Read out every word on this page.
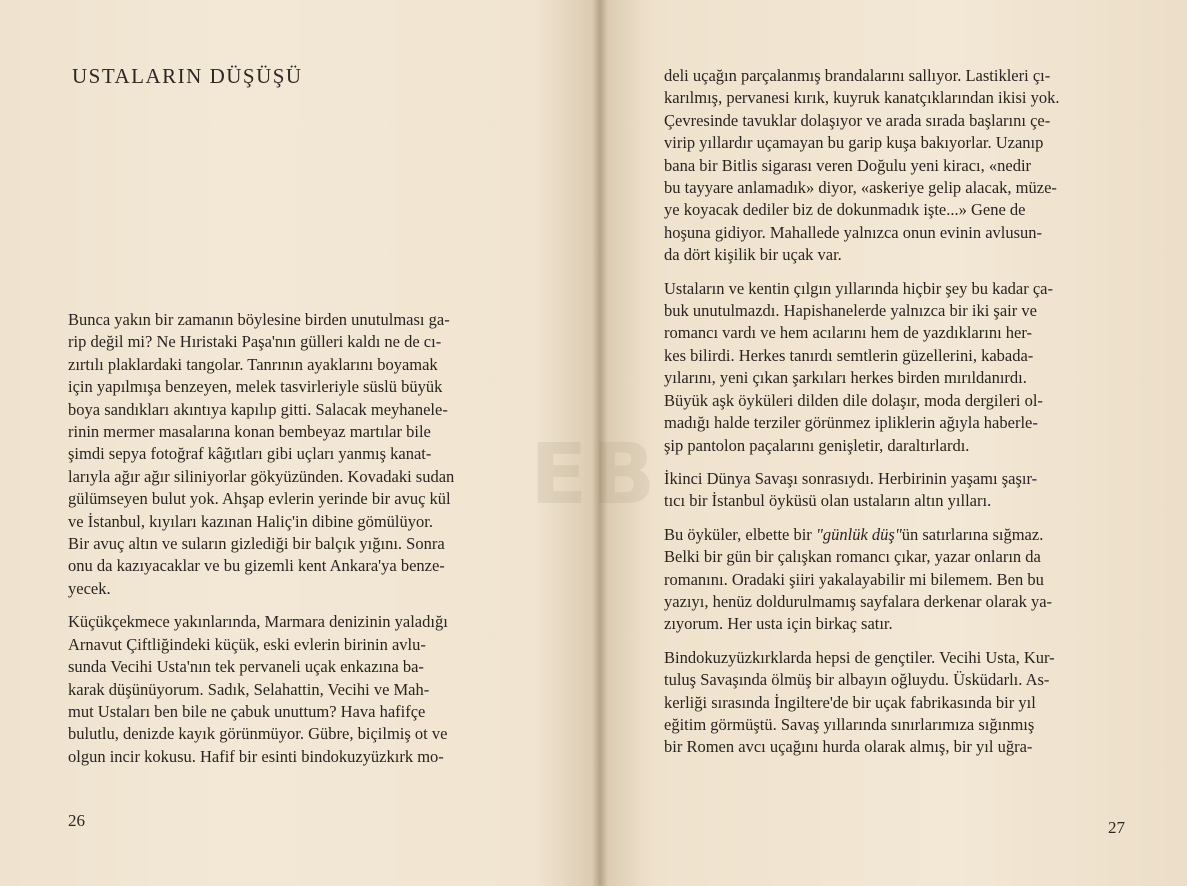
USTALARIN DÜŞÜŞÜ

Bunca yakın bir zamanın böylesine birden unutulması ga-
rip değil mi? Ne Hıristaki Paşa'nın gülleri kaldı ne de cı-
zırtılı plaklardaki tangolar. Tanrının ayaklarını boyamak
için yapılmışa benzeyen, melek tasvirleriyle süslü büyük
boya sandıkları akıntıya kapılıp gitti. Salacak meyhanele-
rinin mermer masalarına konan bembeyaz martılar bile
şimdi sepya fotoğraf kâğıtları gibi uçları yanmış kanat-
larıyla ağır ağır siliniyorlar gökyüzünden. Kovadaki sudan
gülümseyen bulut yok. Ahşap evlerin yerinde bir avuç kül
ve İstanbul, kıyıları kazınan Haliç'in dibine gömülüyor.
Bir avuç altın ve suların gizlediği bir balçık yığını. Sonra
onu da kazıyacaklar ve bu gizemli kent Ankara'ya benze-
yecek.

Küçükçekmece yakınlarında, Marmara denizinin yaladığı
Arnavut Çiftliğindeki küçük, eski evlerin birinin avlu-
sunda Vecihi Usta'nın tek pervaneli uçak enkazına ba-
karak düşünüyorum. Sadık, Selahattin, Vecihi ve Mah-
mut Ustaları ben bile ne çabuk unuttum? Hava hafifçe
bulutlu, denizde kayık görünmüyor. Gübre, biçilmiş ot ve
olgun incir kokusu. Hafif bir esinti bindokuzyüzkırk mo-

26

deli uçağın parçalanmış brandalarını sallıyor. Lastikleri çı-
karılmış, pervanesi kırık, kuyruk kanatçıklarından ikisi yok.
Çevresinde tavuklar dolaşıyor ve arada sırada başlarını çe-
virip yıllardır uçamayan bu garip kuşa bakıyorlar. Uzanıp
bana bir Bitlis sigarası veren Doğulu yeni kiracı, «nedir
bu tayyare anlamadık» diyor, «askeriye gelip alacak, müze-
ye koyacak dediler biz de dokunmadık işte...» Gene de
hoşuna gidiyor. Mahallede yalnızca onun evinin avlusun-
da dört kişilik bir uçak var.

Ustaların ve kentin çılgın yıllarında hiçbir şey bu kadar ça-
buk unutulmazdı. Hapishanelerde yalnızca bir iki şair ve
romancı vardı ve hem acılarını hem de yazdıklarını her-
kes bilirdi. Herkes tanırdı semtlerin güzellerini, kabada-
yılarını, yeni çıkan şarkıları herkes birden mırıldanırdı.
Büyük aşk öyküleri dilden dile dolaşır, moda dergileri ol-
madığı halde terziler görünmez ipliklerin ağıyla haberle-
şip pantolon paçalarını genişletir, daraltırlardı.

İkinci Dünya Savaşı sonrasıydı. Herbirinin yaşamı şaşır-
tıcı bir İstanbul öyküsü olan ustaların altın yılları.

Bu öyküler, elbette bir "günlük düş"ün satırlarına sığmaz.
Belki bir gün bir çalışkan romancı çıkar, yazar onların da
romanını. Oradaki şiiri yakalayabilir mi bilemem. Ben bu
yazıyı, henüz doldurulmamış sayfalara derkenar olarak ya-
zıyorum. Her usta için birkaç satır.

Bindokuzyüzkırklarda hepsi de gençtiler. Vecihi Usta, Kur-
tuluş Savaşında ölmüş bir albayın oğluydu. Üsküdarlı. As-
kerliği sırasında İngiltere'de bir uçak fabrikasında bir yıl
eğitim görmüştü. Savaş yıllarında sınırlarımıza sığınmış
bir Romen avcı uçağını hurda olarak almış, bir yıl uğra-

27
